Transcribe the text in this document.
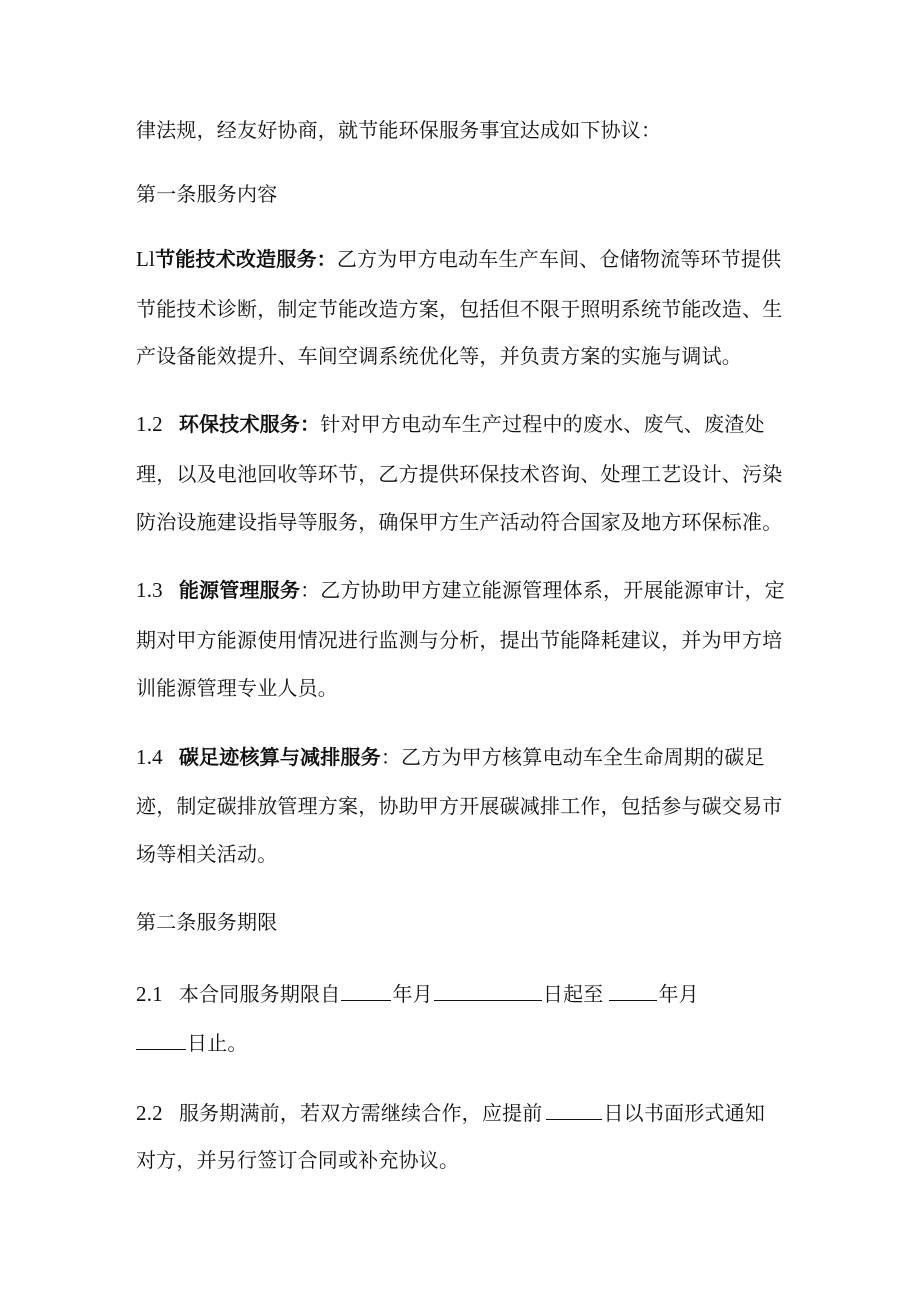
律法规，经友好协商，就节能环保服务事宜达成如下协议：
第一条服务内容
Ll节能技术改造服务：乙方为甲方电动车生产车间、仓储物流等环节提供
节能技术诊断，制定节能改造方案，包括但不限于照明系统节能改造、生
产设备能效提升、车间空调系统优化等，并负责方案的实施与调试。
1.2 环保技术服务：针对甲方电动车生产过程中的废水、废气、废渣处
理，以及电池回收等环节，乙方提供环保技术咨询、处理工艺设计、污染
防治设施建设指导等服务，确保甲方生产活动符合国家及地方环保标准。
1.3 能源管理服务：乙方协助甲方建立能源管理体系，开展能源审计，定
期对甲方能源使用情况进行监测与分析，提出节能降耗建议，并为甲方培
训能源管理专业人员。
1.4 碳足迹核算与减排服务：乙方为甲方核算电动车全生命周期的碳足
迹，制定碳排放管理方案，协助甲方开展碳减排工作，包括参与碳交易市
场等相关活动。
第二条服务期限
2.1 本合同服务期限自	年月	日起至	年月
日止。
2.2 服务期满前，若双方需继续合作，应提前	日以书面形式通知
对方，并另行签订合同或补充协议。
